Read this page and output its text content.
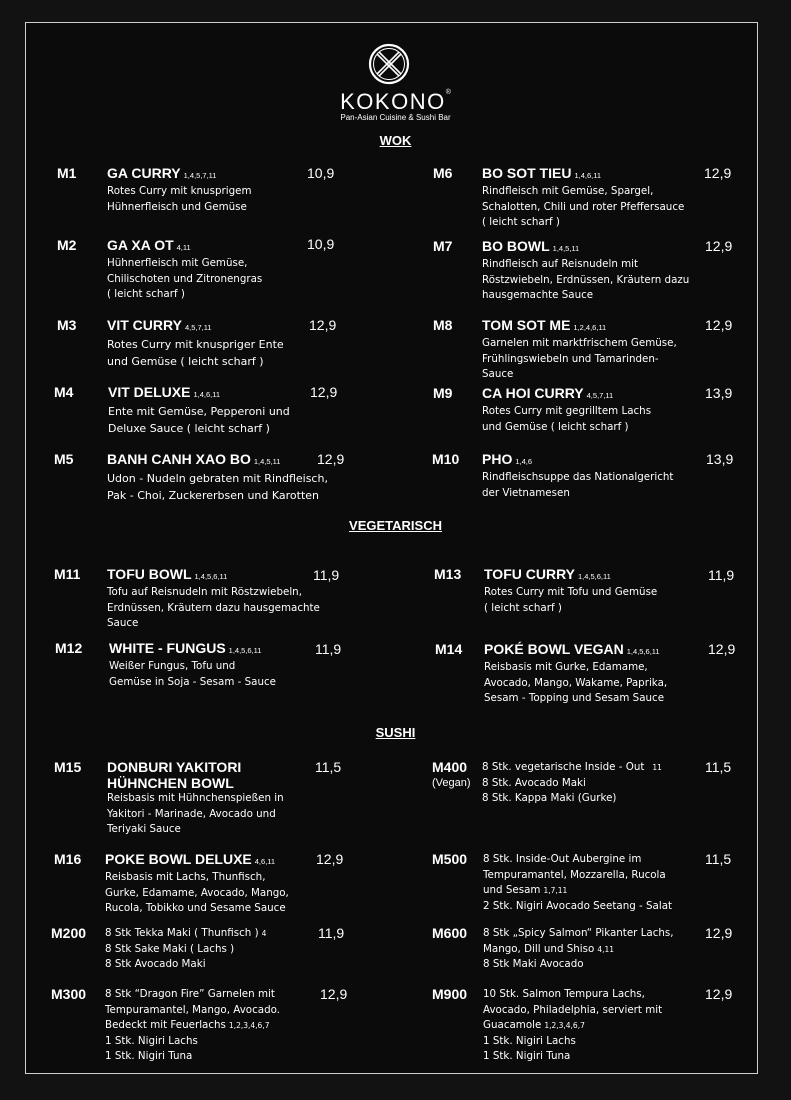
KOKONO®
Pan-Asian Cuisine & Sushi Bar
WOK
VEGETARISCH
SUSHI
M1 GA CURRY 1,4,5,7,11
Rotes Curry mit knusprigem
Hühnerfleisch und Gemüse
10,9
M2 GA XA OT 4,11
Hühnerfleisch mit Gemüse,
Chilischoten und Zitronengras
( leicht scharf )
10,9
M3 VIT CURRY 4,5,7,11
Rotes Curry mit knuspriger Ente
und Gemüse ( leicht scharf )
12,9
M4 VIT DELUXE 1,4,6,11
Ente mit Gemüse, Pepperoni und
Deluxe Sauce ( leicht scharf )
12,9
M5 BANH CANH XAO BO 1,4,5,11
Udon - Nudeln gebraten mit Rindfleisch,
Pak - Choi, Zuckererbsen und Karotten
12,9
M6 BO SOT TIEU 1,4,6,11
Rindfleisch mit Gemüse, Spargel,
Schalotten, Chili und roter Pfeffersauce
( leicht scharf )
12,9
M7 BO BOWL 1,4,5,11
Rindfleisch auf Reisnudeln mit
Röstzwiebeln, Erdnüssen, Kräutern dazu
hausgemachte Sauce
12,9
M8 TOM SOT ME 1,2,4,6,11
Garnelen mit marktfrischem Gemüse,
Frühlingswiebeln und Tamarinden-
Sauce
12,9
M9 CA HOI CURRY 4,5,7,11
Rotes Curry mit gegrilltem Lachs
und Gemüse ( leicht scharf )
13,9
M10 PHO 1,4,6
Rindfleischsuppe das Nationalgericht
der Vietnamesen
13,9
M11 TOFU BOWL 1,4,5,6,11
Tofu auf Reisnudeln mit Röstzwiebeln,
Erdnüssen, Kräutern dazu hausgemachte
Sauce
11,9
M12 WHITE - FUNGUS 1,4,5,6,11
Weißer Fungus, Tofu und
Gemüse in Soja - Sesam - Sauce
11,9
M13 TOFU CURRY 1,4,5,6,11
Rotes Curry mit Tofu und Gemüse
( leicht scharf )
11,9
M14 POKÉ BOWL VEGAN 1,4,5,6,11
Reisbasis mit Gurke, Edamame,
Avocado, Mango, Wakame, Paprika,
Sesam - Topping und Sesam Sauce
12,9
M15 DONBURI YAKITORI
HÜHNCHEN BOWL
Reisbasis mit Hühnchenspießen in
Yakitori - Marinade, Avocado und
Teriyaki Sauce
11,5
M16 POKE BOWL DELUXE 4,6,11
Reisbasis mit Lachs, Thunfisch,
Gurke, Edamame, Avocado, Mango,
Rucola, Tobikko und Sesame Sauce
12,9
M200 8 Stk Tekka Maki ( Thunfisch ) 4
8 Stk Sake Maki ( Lachs )
8 Stk Avocado Maki
11,9
M300 8 Stk “Dragon Fire” Garnelen mit
Tempuramantel, Mango, Avocado.
Bedeckt mit Feuerlachs 1,2,3,4,6,7
1 Stk. Nigiri Lachs
1 Stk. Nigiri Tuna
12,9
M400
(Vegan)
8 Stk. vegetarische Inside - Out 11
8 Stk. Avocado Maki
8 Stk. Kappa Maki (Gurke)
11,5
M500 8 Stk. Inside-Out Aubergine im
Tempuramantel, Mozzarella, Rucola
und Sesam 1,7,11
2 Stk. Nigiri Avocado Seetang - Salat
11,5
M600 8 Stk „Spicy Salmon“ Pikanter Lachs,
Mango, Dill und Shiso 4,11
8 Stk Maki Avocado
12,9
M900 10 Stk. Salmon Tempura Lachs,
Avocado, Philadelphia, serviert mit
Guacamole 1,2,3,4,6,7
1 Stk. Nigiri Lachs
1 Stk. Nigiri Tuna
12,9
